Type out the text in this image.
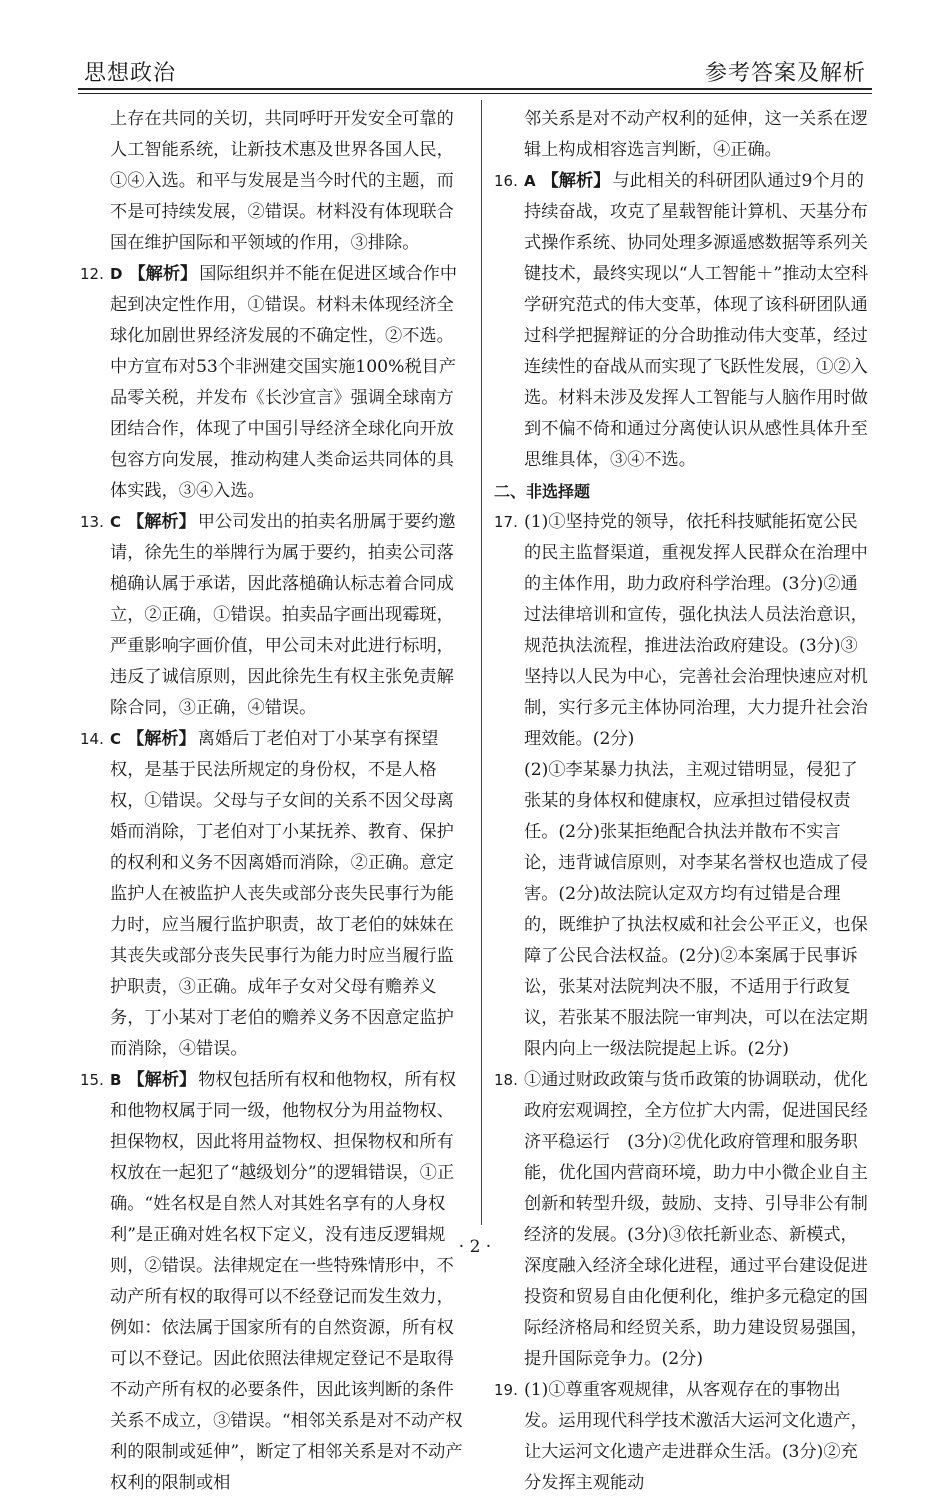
思想政治	参考答案及解析

上存在共同的关切，共同呼吁开发安全可靠的人工智能系统，让新技术惠及世界各国人民，①④入选。和平与发展是当今时代的主题，而不是可持续发展，②错误。材料没有体现联合国在维护国际和平领域的作用，③排除。

12. D 【解析】 国际组织并不能在促进区域合作中起到决定性作用，①错误。材料未体现经济全球化加剧世界经济发展的不确定性，②不选。中方宣布对53个非洲建交国实施100%税目产品零关税，并发布《长沙宣言》强调全球南方团结合作，体现了中国引导经济全球化向开放包容方向发展，推动构建人类命运共同体的具体实践，③④入选。
13. C 【解析】 甲公司发出的拍卖名册属于要约邀请，徐先生的举牌行为属于要约，拍卖公司落槌确认属于承诺，因此落槌确认标志着合同成立，②正确，①错误。拍卖品字画出现霉斑，严重影响字画价值，甲公司未对此进行标明，违反了诚信原则，因此徐先生有权主张免责解除合同，③正确，④错误。
14. C 【解析】 离婚后丁老伯对丁小某享有探望权，是基于民法所规定的身份权，不是人格权，①错误。父母与子女间的关系不因父母离婚而消除，丁老伯对丁小某抚养、教育、保护的权利和义务不因离婚而消除，②正确。意定监护人在被监护人丧失或部分丧失民事行为能力时，应当履行监护职责，故丁老伯的妹妹在其丧失或部分丧失民事行为能力时应当履行监护职责，③正确。成年子女对父母有赡养义务，丁小某对丁老伯的赡养义务不因意定监护而消除，④错误。
15. B 【解析】 物权包括所有权和他物权，所有权和他物权属于同一级，他物权分为用益物权、担保物权，因此将用益物权、担保物权和所有权放在一起犯了“越级划分”的逻辑错误，①正确。“姓名权是自然人对其姓名享有的人身权利”是正确对姓名权下定义，没有违反逻辑规则，②错误。法律规定在一些特殊情形中，不动产所有权的取得可以不经登记而发生效力，例如：依法属于国家所有的自然资源，所有权可以不登记。因此依照法律规定登记不是取得不动产所有权的必要条件，因此该判断的条件关系不成立，③错误。“相邻关系是对不动产权利的限制或延伸”，断定了相邻关系是对不动产权利的限制或相

邻关系是对不动产权利的延伸，这一关系在逻辑上构成相容选言判断，④正确。

16. A 【解析】 与此相关的科研团队通过9个月的持续奋战，攻克了星载智能计算机、天基分布式操作系统、协同处理多源遥感数据等系列关键技术，最终实现以“人工智能＋”推动太空科学研究范式的伟大变革，体现了该科研团队通过科学把握辩证的分合助推动伟大变革，经过连续性的奋战从而实现了飞跃性发展，①②入选。材料未涉及发挥人工智能与人脑作用时做到不偏不倚和通过分离使认识从感性具体升至思维具体，③④不选。

二、非选择题

17. (1)①坚持党的领导，依托科技赋能拓宽公民的民主监督渠道，重视发挥人民群众在治理中的主体作用，助力政府科学治理。(3分)②通过法律培训和宣传，强化执法人员法治意识，规范执法流程，推进法治政府建设。(3分)③坚持以人民为中心，完善社会治理快速应对机制，实行多元主体协同治理，大力提升社会治理效能。(2分)

(2)①李某暴力执法，主观过错明显，侵犯了张某的身体权和健康权，应承担过错侵权责任。(2分)张某拒绝配合执法并散布不实言论，违背诚信原则，对李某名誉权也造成了侵害。(2分)故法院认定双方均有过错是合理的，既维护了执法权威和社会公平正义，也保障了公民合法权益。(2分)②本案属于民事诉讼，张某对法院判决不服，不适用于行政复议，若张某不服法院一审判决，可以在法定期限内向上一级法院提起上诉。(2分)

18. ①通过财政政策与货币政策的协调联动，优化政府宏观调控，全方位扩大内需，促进国民经济平稳运行　(3分)②优化政府管理和服务职能，优化国内营商环境，助力中小微企业自主创新和转型升级，鼓励、支持、引导非公有制经济的发展。(3分)③依托新业态、新模式，深度融入经济全球化进程，通过平台建设促进投资和贸易自由化便利化，维护多元稳定的国际经济格局和经贸关系，助力建设贸易强国，提升国际竞争力。(2分)
19. (1)①尊重客观规律，从客观存在的事物出发。运用现代科学技术激活大运河文化遗产，让大运河文化遗产走进群众生活。(3分)②充分发挥主观能动
· 2 ·
